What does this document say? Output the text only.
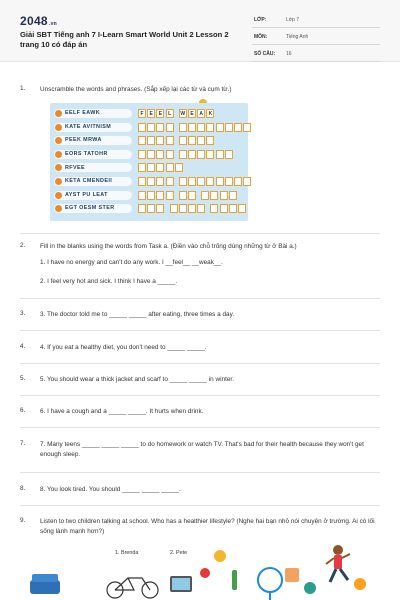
2048.vn
Giải SBT Tiếng anh 7 I-Learn Smart World Unit 2 Lesson 2 trang 10 có đáp án
LỚP:	Lớp 7
MÔN:	Tiếng Anh
SỐ CÂU: 16
1. Unscramble the words and phrases. (Sắp xếp lại các từ và cụm từ.)
EELF EAWK	F	E	E	L	W	E	A	K
KATE AVITNISM
PEEK MRWA
EORS TATOHR
RFVEE
KETA CMENDEII
AYST PU LEAT
EGT OESM STER
2. Fill in the blanks using the words from Task a. (Điền vào chỗ trống dùng những từ ở Bài a.)
1. I have no energy and can't do any work. I __feel__ __weak__.
2. I feel very hot and sick. I think I have a _____.
3. 3. The doctor told me to _____ _____ after eating, three times a day.
4. 4. If you eat a healthy diet, you don't need to _____ _____.
5. 5. You should wear a thick jacket and scarf to _____ _____ in winter.
6. 6. I have a cough and a _____ _____. It hurts when drink.
7. 7. Many teens _____ _____ _____ to do homework or watch TV. That's bad for their health because they won't get enough sleep.
8. 8. You look tired. You should _____ _____ _____.
9. Listen to two children talking at school. Who has a healthier lifestyle? (Nghe hai bạn nhỏ nói chuyện ở trường. Ai có lối sống lành mạnh hơn?)
1. Brenda	2. Pete
